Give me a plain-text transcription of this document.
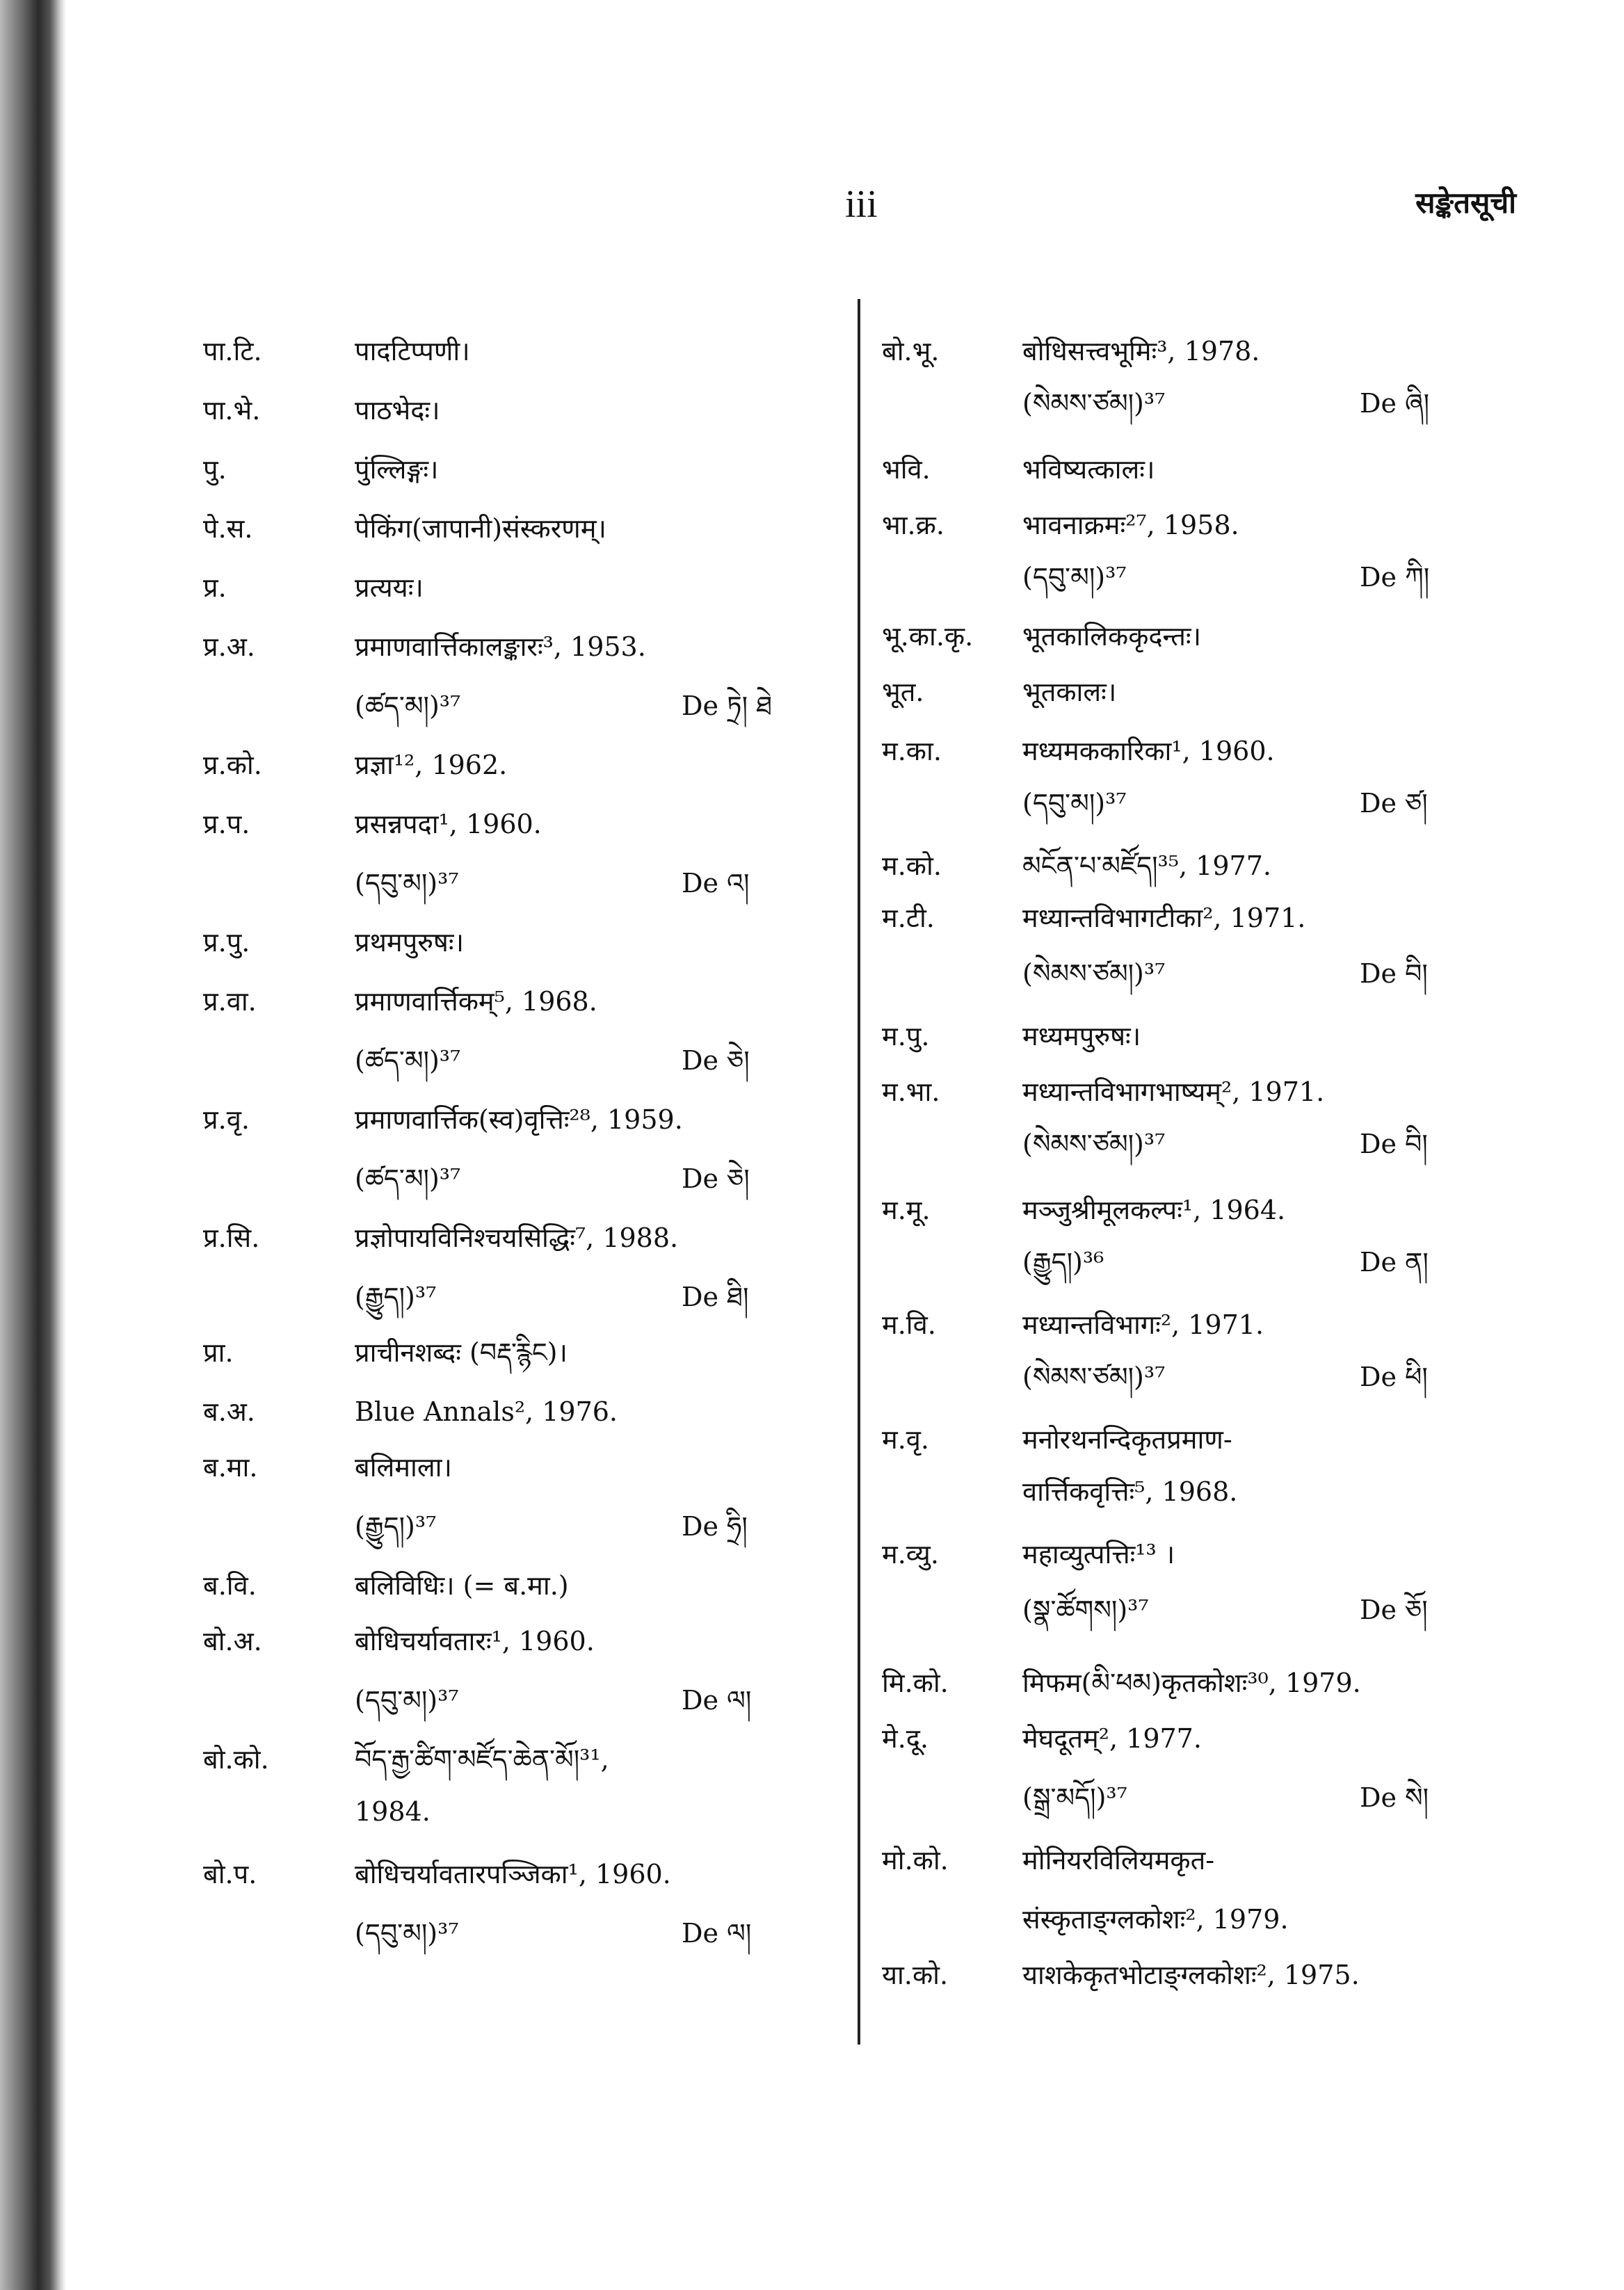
iii	सङ्केतसूची
पा.टि.	पादटिप्पणी।
पा.भे.	पाठभेदः।
पु.	पुंल्लिङ्गः।
पे.स.	पेकिंग(जापानी)संस्करणम्।
प्र.	प्रत्ययः।
प्र.अ.	प्रमाणवार्त्तिकालङ्कारः³, 1953.
(ཚད་མ།)³⁷	De ཏྲེ། ཐེ
प्र.को.	प्रज्ञा¹², 1962.
प्र.प.	प्रसन्नपदा¹, 1960.
(དབུ་མ།)³⁷	De འ།
प्र.पु.	प्रथमपुरुषः।
प्र.वा.	प्रमाणवार्त्तिकम्⁵, 1968.
(ཚད་མ།)³⁷	De ཅེ།
प्र.वृ.	प्रमाणवार्त्तिक(स्व)वृत्तिः²⁸, 1959.
(ཚད་མ།)³⁷	De ཅེ།
प्र.सि.	प्रज्ञोपायविनिश्चयसिद्धिः⁷, 1988.
(རྒྱུད།)³⁷	De ཐི།
प्रा.	प्राचीनशब्दः (བརྡ་རྙིང)।
ब.अ.	Blue Annals², 1976.
ब.मा.	बलिमाला।
(རྒྱུད།)³⁷	De ཧྲི།
ब.वि.	बलिविधिः। (= ब.मा.)
बो.अ.	बोधिचर्यावतारः¹, 1960.
(དབུ་མ།)³⁷	De ལ།
बो.को.	བོད་རྒྱ་ཚིག་མཛོད་ཆེན་མོ།³¹,
1984.
बो.प.	बोधिचर्यावतारपञ्जिका¹, 1960.
(དབུ་མ།)³⁷	De ལ།
बो.भू.	बोधिसत्त्वभूमिः³, 1978.
(སེམས་ཙམ།)³⁷	De ཞི།
भवि.	भविष्यत्कालः।
भा.क्र.	भावनाक्रमः²⁷, 1958.
(དབུ་མ།)³⁷	De ཀི།
भू.का.कृ. भूतकालिककृदन्तः।
भूत.	भूतकालः।
म.का.	मध्यमककारिका¹, 1960.
(དབུ་མ།)³⁷	De ཙ།
म.को.	མངོན་པ་མཛོད།³⁵, 1977.
म.टी.	मध्यान्तविभागटीका², 1971.
(སེམས་ཙམ།)³⁷	De བི།
म.पु.	मध्यमपुरुषः।
म.भा.	मध्यान्तविभागभाष्यम्², 1971.
(སེམས་ཙམ།)³⁷	De བི།
म.मू.	मञ्जुश्रीमूलकल्पः¹, 1964.
(རྒྱུད།)³⁶	De ན།
म.वि.	मध्यान्तविभागः², 1971.
(སེམས་ཙམ།)³⁷	De ཕི།
म.वृ.	मनोरथनन्दिकृतप्रमाण-
वार्त्तिकवृत्तिः⁵, 1968.
म.व्यु.	महाव्युत्पत्तिः¹³ ।
(སྣ་ཚོགས།)³⁷	De ཅོ།
मि.को.	मिफम(མི་ཕམ)कृतकोशः³⁰, 1979.
मे.दू.	मेघदूतम्², 1977.
(སྒྲ་མདོ།)³⁷	De སེ།
मो.को.	मोनियरविलियमकृत-
संस्कृताङ्ग्लकोशः², 1979.
या.को.	याशकेकृतभोटाङ्ग्लकोशः², 1975.
